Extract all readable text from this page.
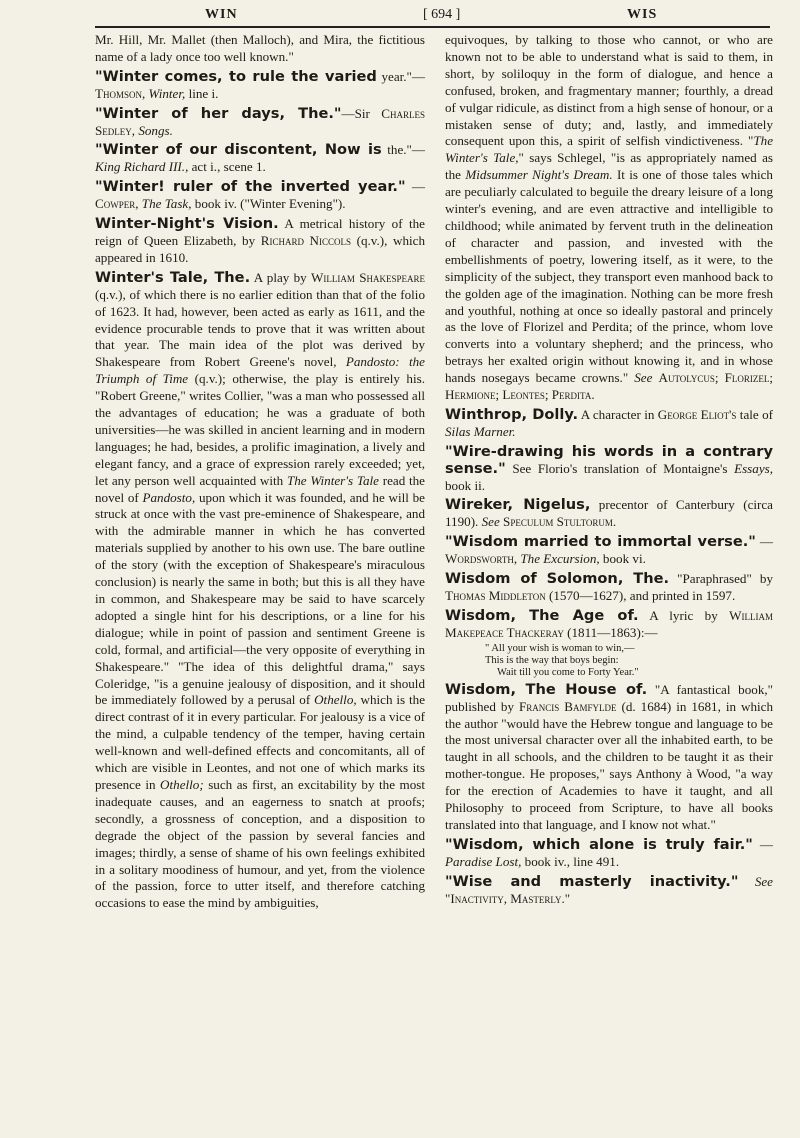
WIN	[ 694 ]	WIS

Mr. Hill, Mr. Mallet (then Malloch), and Mira, the fictitious name of a lady once too well known."

"Winter comes, to rule the varied year."—Thomson, Winter, line i.

"Winter of her days, The."—Sir Charles Sedley, Songs.

"Winter of our discontent, Now is the."—King Richard III., act i., scene 1.

"Winter! ruler of the inverted year." —Cowper, The Task, book iv. ("Winter Evening").

Winter-Night's Vision. A metrical history of the reign of Queen Elizabeth, by Richard Niccols (q.v.), which appeared in 1610.

Winter's Tale, The. A play by William Shakespeare (q.v.), of which there is no earlier edition than that of the folio of 1623. It had, however, been acted as early as 1611, and the evidence procurable tends to prove that it was written about that year. The main idea of the plot was derived by Shakespeare from Robert Greene's novel, Pandosto: the Triumph of Time (q.v.); otherwise, the play is entirely his. "Robert Greene," writes Collier, "was a man who possessed all the advantages of education; he was a graduate of both universities—he was skilled in ancient learning and in modern languages; he had, besides, a prolific imagination, a lively and elegant fancy, and a grace of expression rarely exceeded; yet, let any person well acquainted with The Winter's Tale read the novel of Pandosto, upon which it was founded, and he will be struck at once with the vast pre-eminence of Shakespeare, and with the admirable manner in which he has converted materials supplied by another to his own use. The bare outline of the story (with the exception of Shakespeare's miraculous conclusion) is nearly the same in both; but this is all they have in common, and Shakespeare may be said to have scarcely adopted a single hint for his descriptions, or a line for his dialogue; while in point of passion and sentiment Greene is cold, formal, and artificial—the very opposite of everything in Shakespeare." "The idea of this delightful drama," says Coleridge, "is a genuine jealousy of disposition, and it should be immediately followed by a perusal of Othello, which is the direct contrast of it in every particular. For jealousy is a vice of the mind, a culpable tendency of the temper, having certain well-known and well-defined effects and concomitants, all of which are visible in Leontes, and not one of which marks its presence in Othello; such as first, an excitability by the most inadequate causes, and an eagerness to snatch at proofs; secondly, a grossness of conception, and a disposition to degrade the object of the passion by several fancies and images; thirdly, a sense of shame of his own feelings exhibited in a solitary moodiness of humour, and yet, from the violence of the passion, force to utter itself, and therefore catching occasions to ease the mind by ambiguities,

equivoques, by talking to those who cannot, or who are known not to be able to understand what is said to them, in short, by soliloquy in the form of dialogue, and hence a confused, broken, and fragmentary manner; fourthly, a dread of vulgar ridicule, as distinct from a high sense of honour, or a mistaken sense of duty; and, lastly, and immediately consequent upon this, a spirit of selfish vindictiveness. "The Winter's Tale," says Schlegel, "is as appropriately named as the Midsummer Night's Dream. It is one of those tales which are peculiarly calculated to beguile the dreary leisure of a long winter's evening, and are even attractive and intelligible to childhood; while animated by fervent truth in the delineation of character and passion, and invested with the embellishments of poetry, lowering itself, as it were, to the simplicity of the subject, they transport even manhood back to the golden age of the imagination. Nothing can be more fresh and youthful, nothing at once so ideally pastoral and princely as the love of Florizel and Perdita; of the prince, whom love converts into a voluntary shepherd; and the princess, who betrays her exalted origin without knowing it, and in whose hands nosegays became crowns." See Autolycus; Florizel; Hermione; Leontes; Perdita.

Winthrop, Dolly. A character in George Eliot's tale of Silas Marner.

"Wire-drawing his words in a contrary sense." See Florio's translation of Montaigne's Essays, book ii.

Wireker, Nigelus, precentor of Canterbury (circa 1190). See Speculum Stultorum.

"Wisdom married to immortal verse." —Wordsworth, The Excursion, book vi.

Wisdom of Solomon, The. "Paraphrased" by Thomas Middleton (1570—1627), and printed in 1597.

Wisdom, The Age of. A lyric by William Makepeace Thackeray (1811—1863):—
" All your wish is woman to win,—
This is the way that boys begin:
Wait till you come to Forty Year."

Wisdom, The House of. "A fantastical book," published by Francis Bamfylde (d. 1684) in 1681, in which the author "would have the Hebrew tongue and language to be the most universal character over all the inhabited earth, to be taught in all schools, and the children to be taught it as their mother-tongue. He proposes," says Anthony à Wood, "a way for the erection of Academies to have it taught, and all Philosophy to proceed from Scripture, to have all books translated into that language, and I know not what."

"Wisdom, which alone is truly fair." —Paradise Lost, book iv., line 491.

"Wise and masterly inactivity." See "Inactivity, Masterly."
